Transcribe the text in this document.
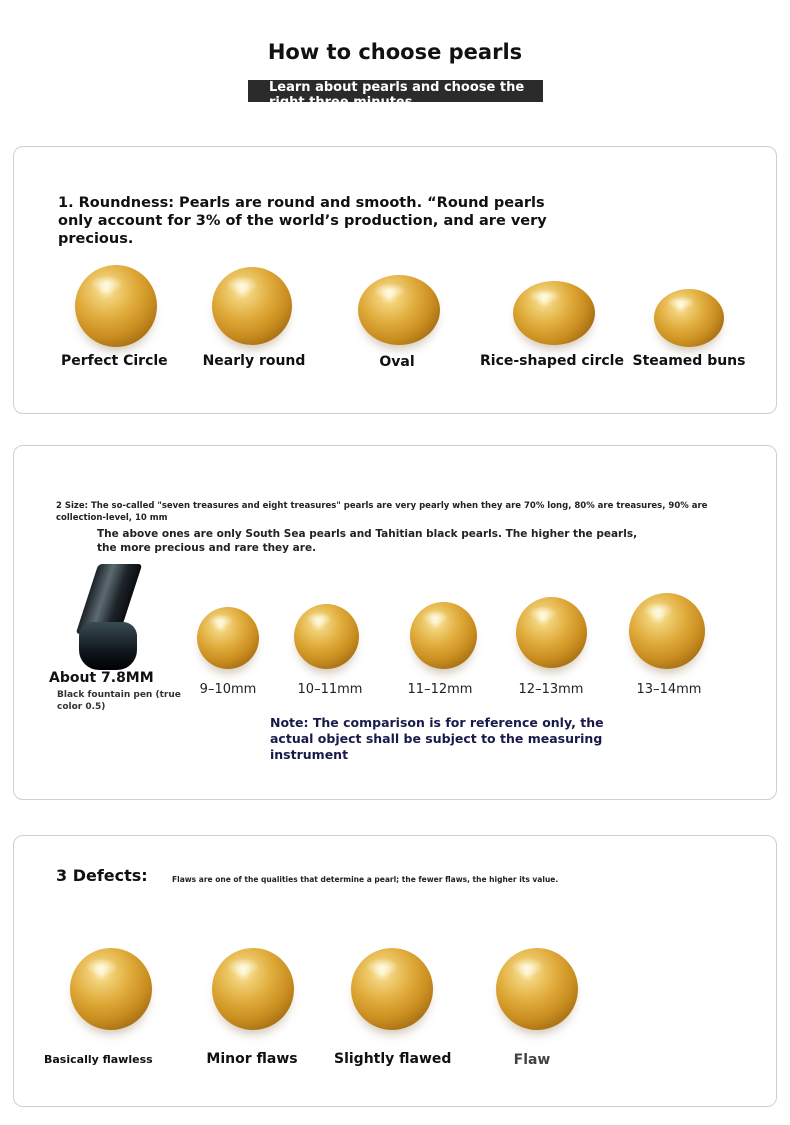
How to choose pearls
Learn about pearls and choose the right three minutes
1. Roundness: Pearls are round and smooth. “Round pearls only account for 3% of the world’s production, and are very precious.
Perfect Circle Nearly round	Oval	Rice-shaped circle Steamed buns
2 Size: The so-called "seven treasures and eight treasures" pearls are very pearly when they are 70% long, 80% are treasures, 90% are collection-level, 10 mm
The above ones are only South Sea pearls and Tahitian black pearls. The higher the pearls, the more precious and rare they are.
About 7.8MM
Black fountain pen (true color 0.5)
9–10mm	10–11mm	11–12mm	12–13mm	13–14mm
Note: The comparison is for reference only, the actual object shall be subject to the measuring instrument
3 Defects:	Flaws are one of the qualities that determine a pearl; the fewer flaws, the higher its value.
Basically flawless	Minor flaws	Slightly flawed	Flaw
